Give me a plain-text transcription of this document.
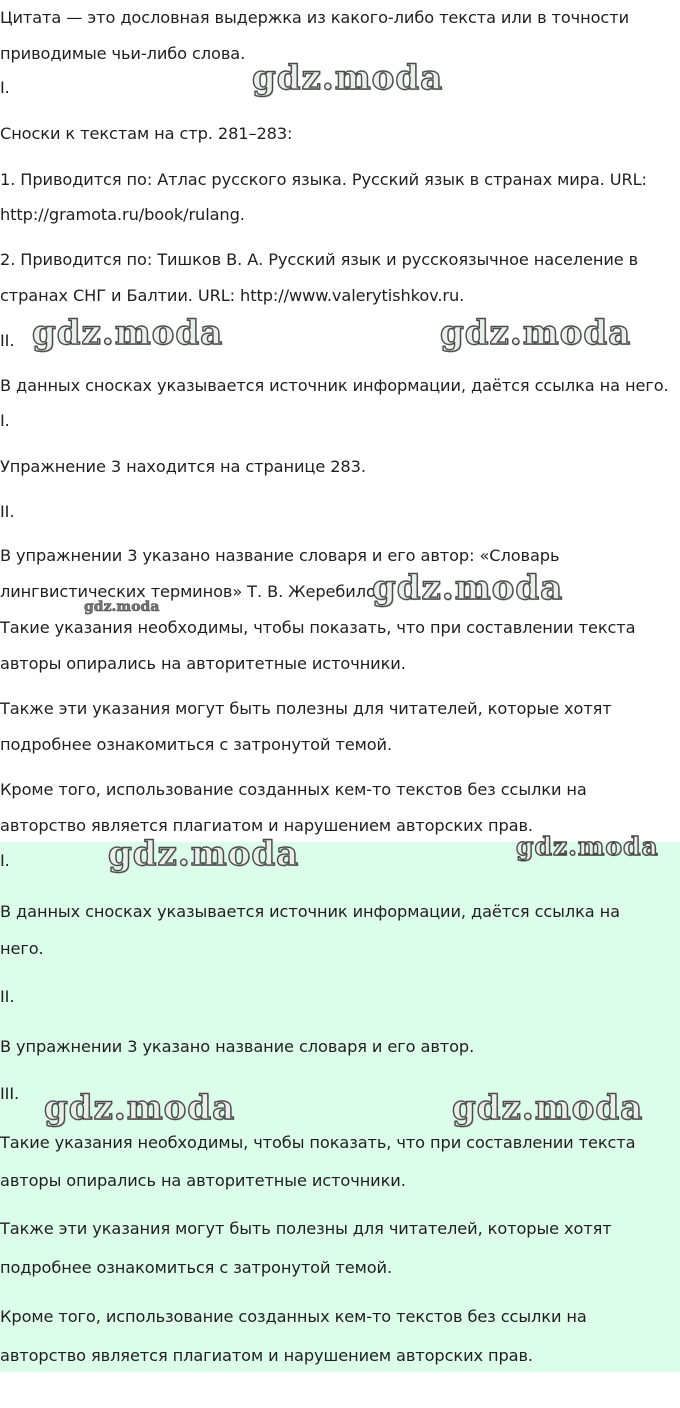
Цитата — это дословная выдержка из какого-либо текста или в точности

приводимые чьи-либо слова.

I.

Сноски к текстам на стр. 281–283:

1. Приводится по: Атлас русского языка. Русский язык в странах мира. URL:

http://gramota.ru/book/rulang.

2. Приводится по: Тишков В. А. Русский язык и русскоязычное население в

странах СНГ и Балтии. URL: http://www.valerytishkov.ru.

II.

В данных сносках указывается источник информации, даётся ссылка на него.

I.

Упражнение 3 находится на странице 283.

II.

В упражнении 3 указано название словаря и его автор: «Словарь

лингвистических терминов» Т. В. Жеребило.

Такие указания необходимы, чтобы показать, что при составлении текста

авторы опирались на авторитетные источники.

Также эти указания могут быть полезны для читателей, которые хотят

подробнее ознакомиться с затронутой темой.

Кроме того, использование созданных кем-то текстов без ссылки на

авторство является плагиатом и нарушением авторских прав.

I.

В данных сносках указывается источник информации, даётся ссылка на

него.

II.

В упражнении 3 указано название словаря и его автор.

III.

Такие указания необходимы, чтобы показать, что при составлении текста

авторы опирались на авторитетные источники.

Также эти указания могут быть полезны для читателей, которые хотят

подробнее ознакомиться с затронутой темой.

Кроме того, использование созданных кем-то текстов без ссылки на

авторство является плагиатом и нарушением авторских прав.

gdz.moda
gdz.moda	gdz.moda
gdz.moda
gdz.moda
gdz.moda	gdz.moda
gdz.moda	gdz.moda
